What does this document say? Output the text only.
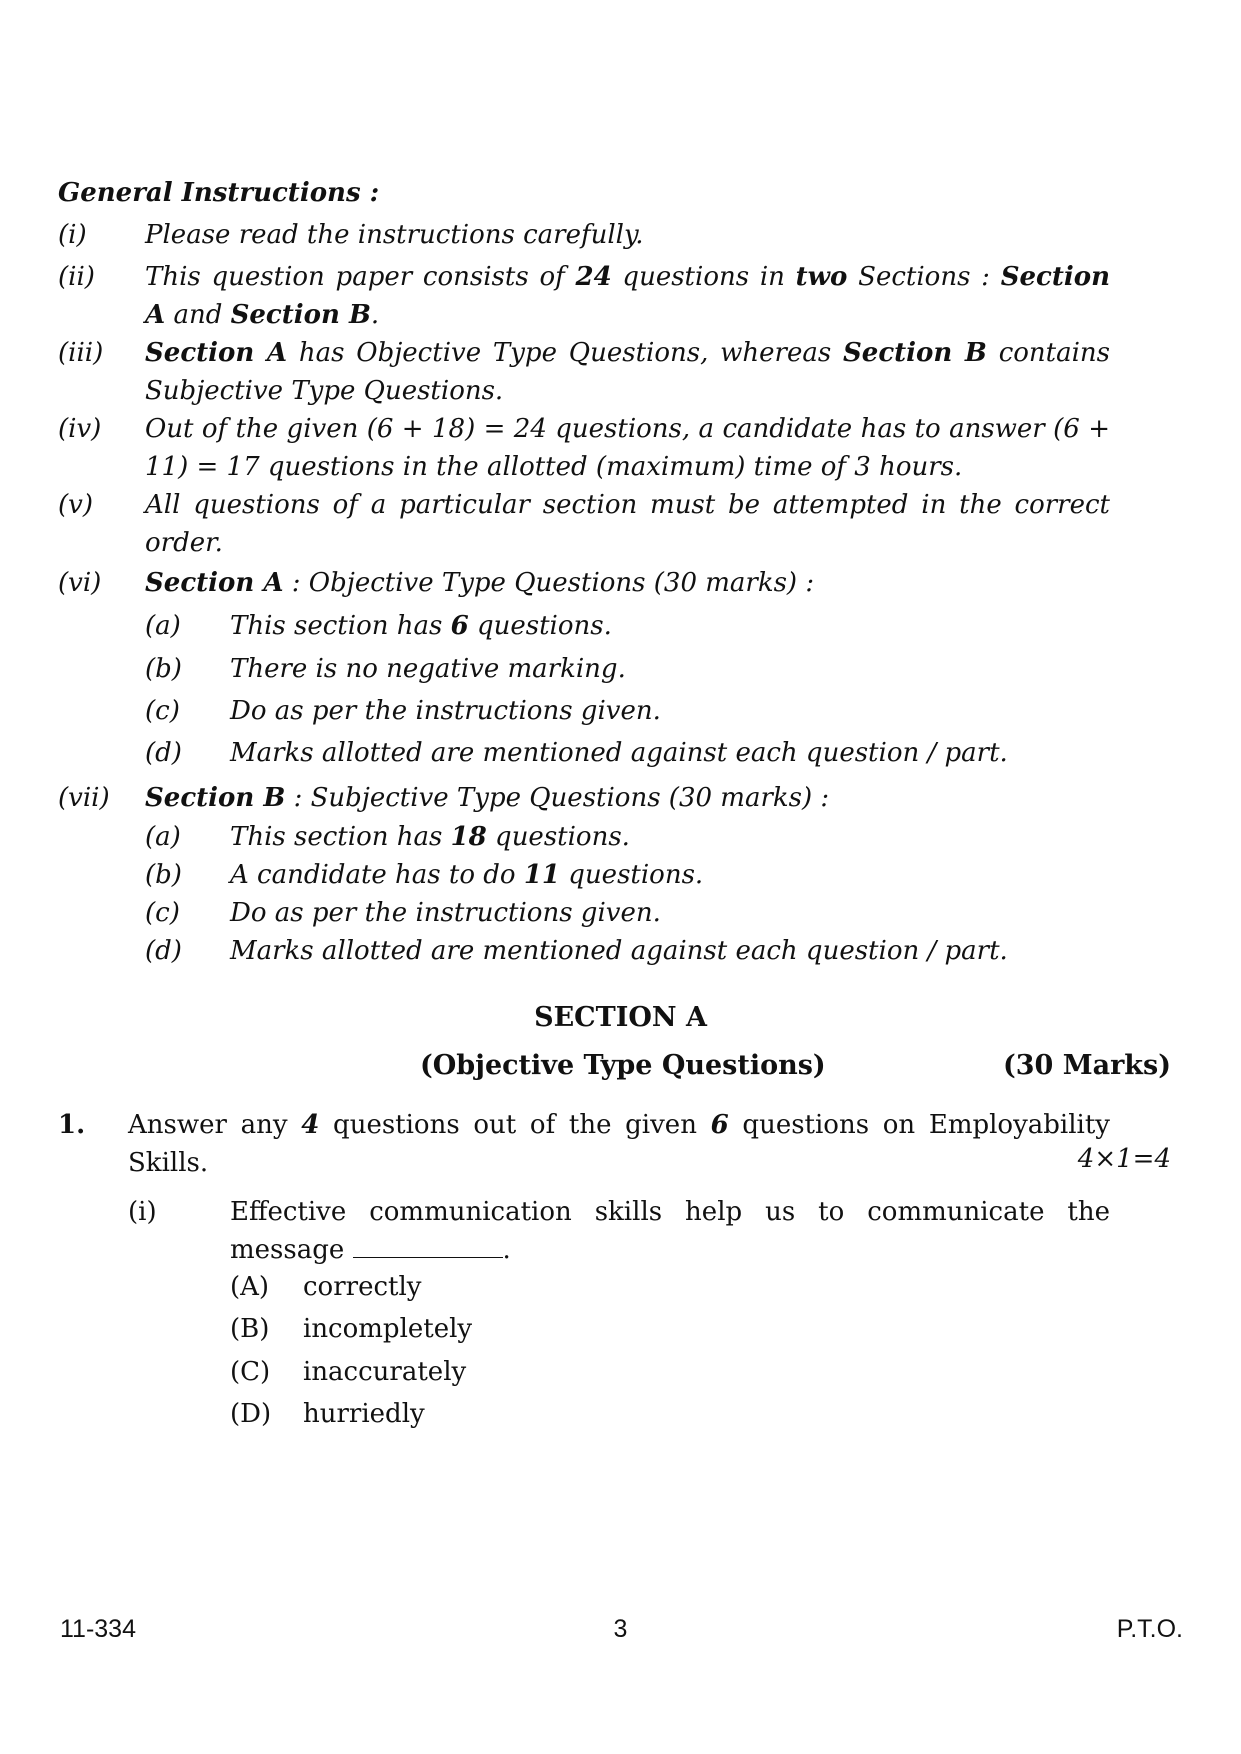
General Instructions :
(i) Please read the instructions carefully.
(ii) This question paper consists of 24 questions in two Sections : Section A and Section B.
(iii) Section A has Objective Type Questions, whereas Section B contains Subjective Type Questions.
(iv) Out of the given (6 + 18) = 24 questions, a candidate has to answer (6 + 11) = 17 questions in the allotted (maximum) time of 3 hours.
(v) All questions of a particular section must be attempted in the correct order.
(vi) Section A : Objective Type Questions (30 marks) :
(a) This section has 6 questions.
(b) There is no negative marking.
(c) Do as per the instructions given.
(d) Marks allotted are mentioned against each question / part.
(vii) Section B : Subjective Type Questions (30 marks) :
(a) This section has 18 questions.
(b) A candidate has to do 11 questions.
(c) Do as per the instructions given.
(d) Marks allotted are mentioned against each question / part.
SECTION A
(Objective Type Questions)	(30 Marks)
1. Answer any 4 questions out of the given 6 questions on Employability Skills.	4×1=4
(i)	Effective communication skills help us to communicate the message	.
(A) correctly
(B) incompletely
(C) inaccurately
(D) hurriedly
11-334	3	P.T.O.
